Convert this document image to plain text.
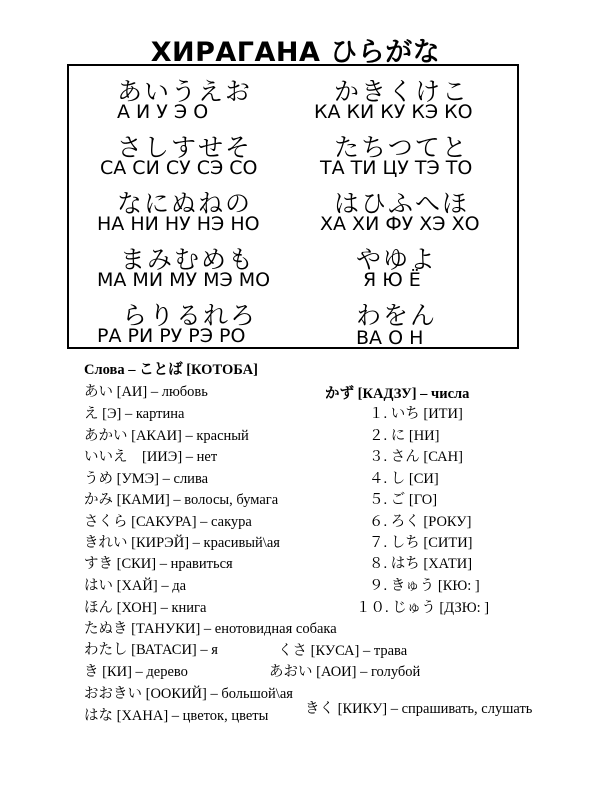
ХИРАГАНА ひらがな
あいうえお
А И У Э О
さしすせそ
СА СИ СУ СЭ СО
なにぬねの
НА НИ НУ НЭ НО
まみむめも
МА МИ МУ МЭ МО
らりるれろ
РА РИ РУ РЭ РО
かきくけこ
КА КИ КУ КЭ КО
たちつてと
ТА ТИ ЦУ ТЭ ТО
はひふへほ
ХА ХИ ФУ ХЭ ХО
やゆよ
Я Ю Ё
わをん
ВА О Н
Слова – ことば [КОТОБА]
あい [АИ] – любовь
え [Э] – картина
あかい [АКАИ] – красный
いいえ　[ИИЭ] – нет
うめ [УМЭ] – слива
かみ [КАМИ] – волосы, бумага
さくら [САКУРА] – сакура
きれい [КИРЭЙ] – красивый\ая
すき [СКИ] – нравиться
はい [ХАЙ] – да
ほん [ХОН] – книга
たぬき [ТАНУКИ] – енотовидная собака
わたし [ВАТАСИ] – я
き [КИ] – дерево
おおきい [ООКИЙ] – большой\ая
はな [ХАНА] – цветок, цветы
くさ [КУСА] – трава
あおい [АОИ] – голубой
きく [КИКУ] – спрашивать, слушать
かず [КАДЗУ] – числа
１. いち [ИТИ]
２. に [НИ]
３. さん [САН]
４. し [СИ]
５. ご [ГО]
６. ろく [РОКУ]
７. しち [СИТИ]
８. はち [ХАТИ]
９. きゅう [КЮ: ]
１０. じゅう [ДЗЮ: ]
